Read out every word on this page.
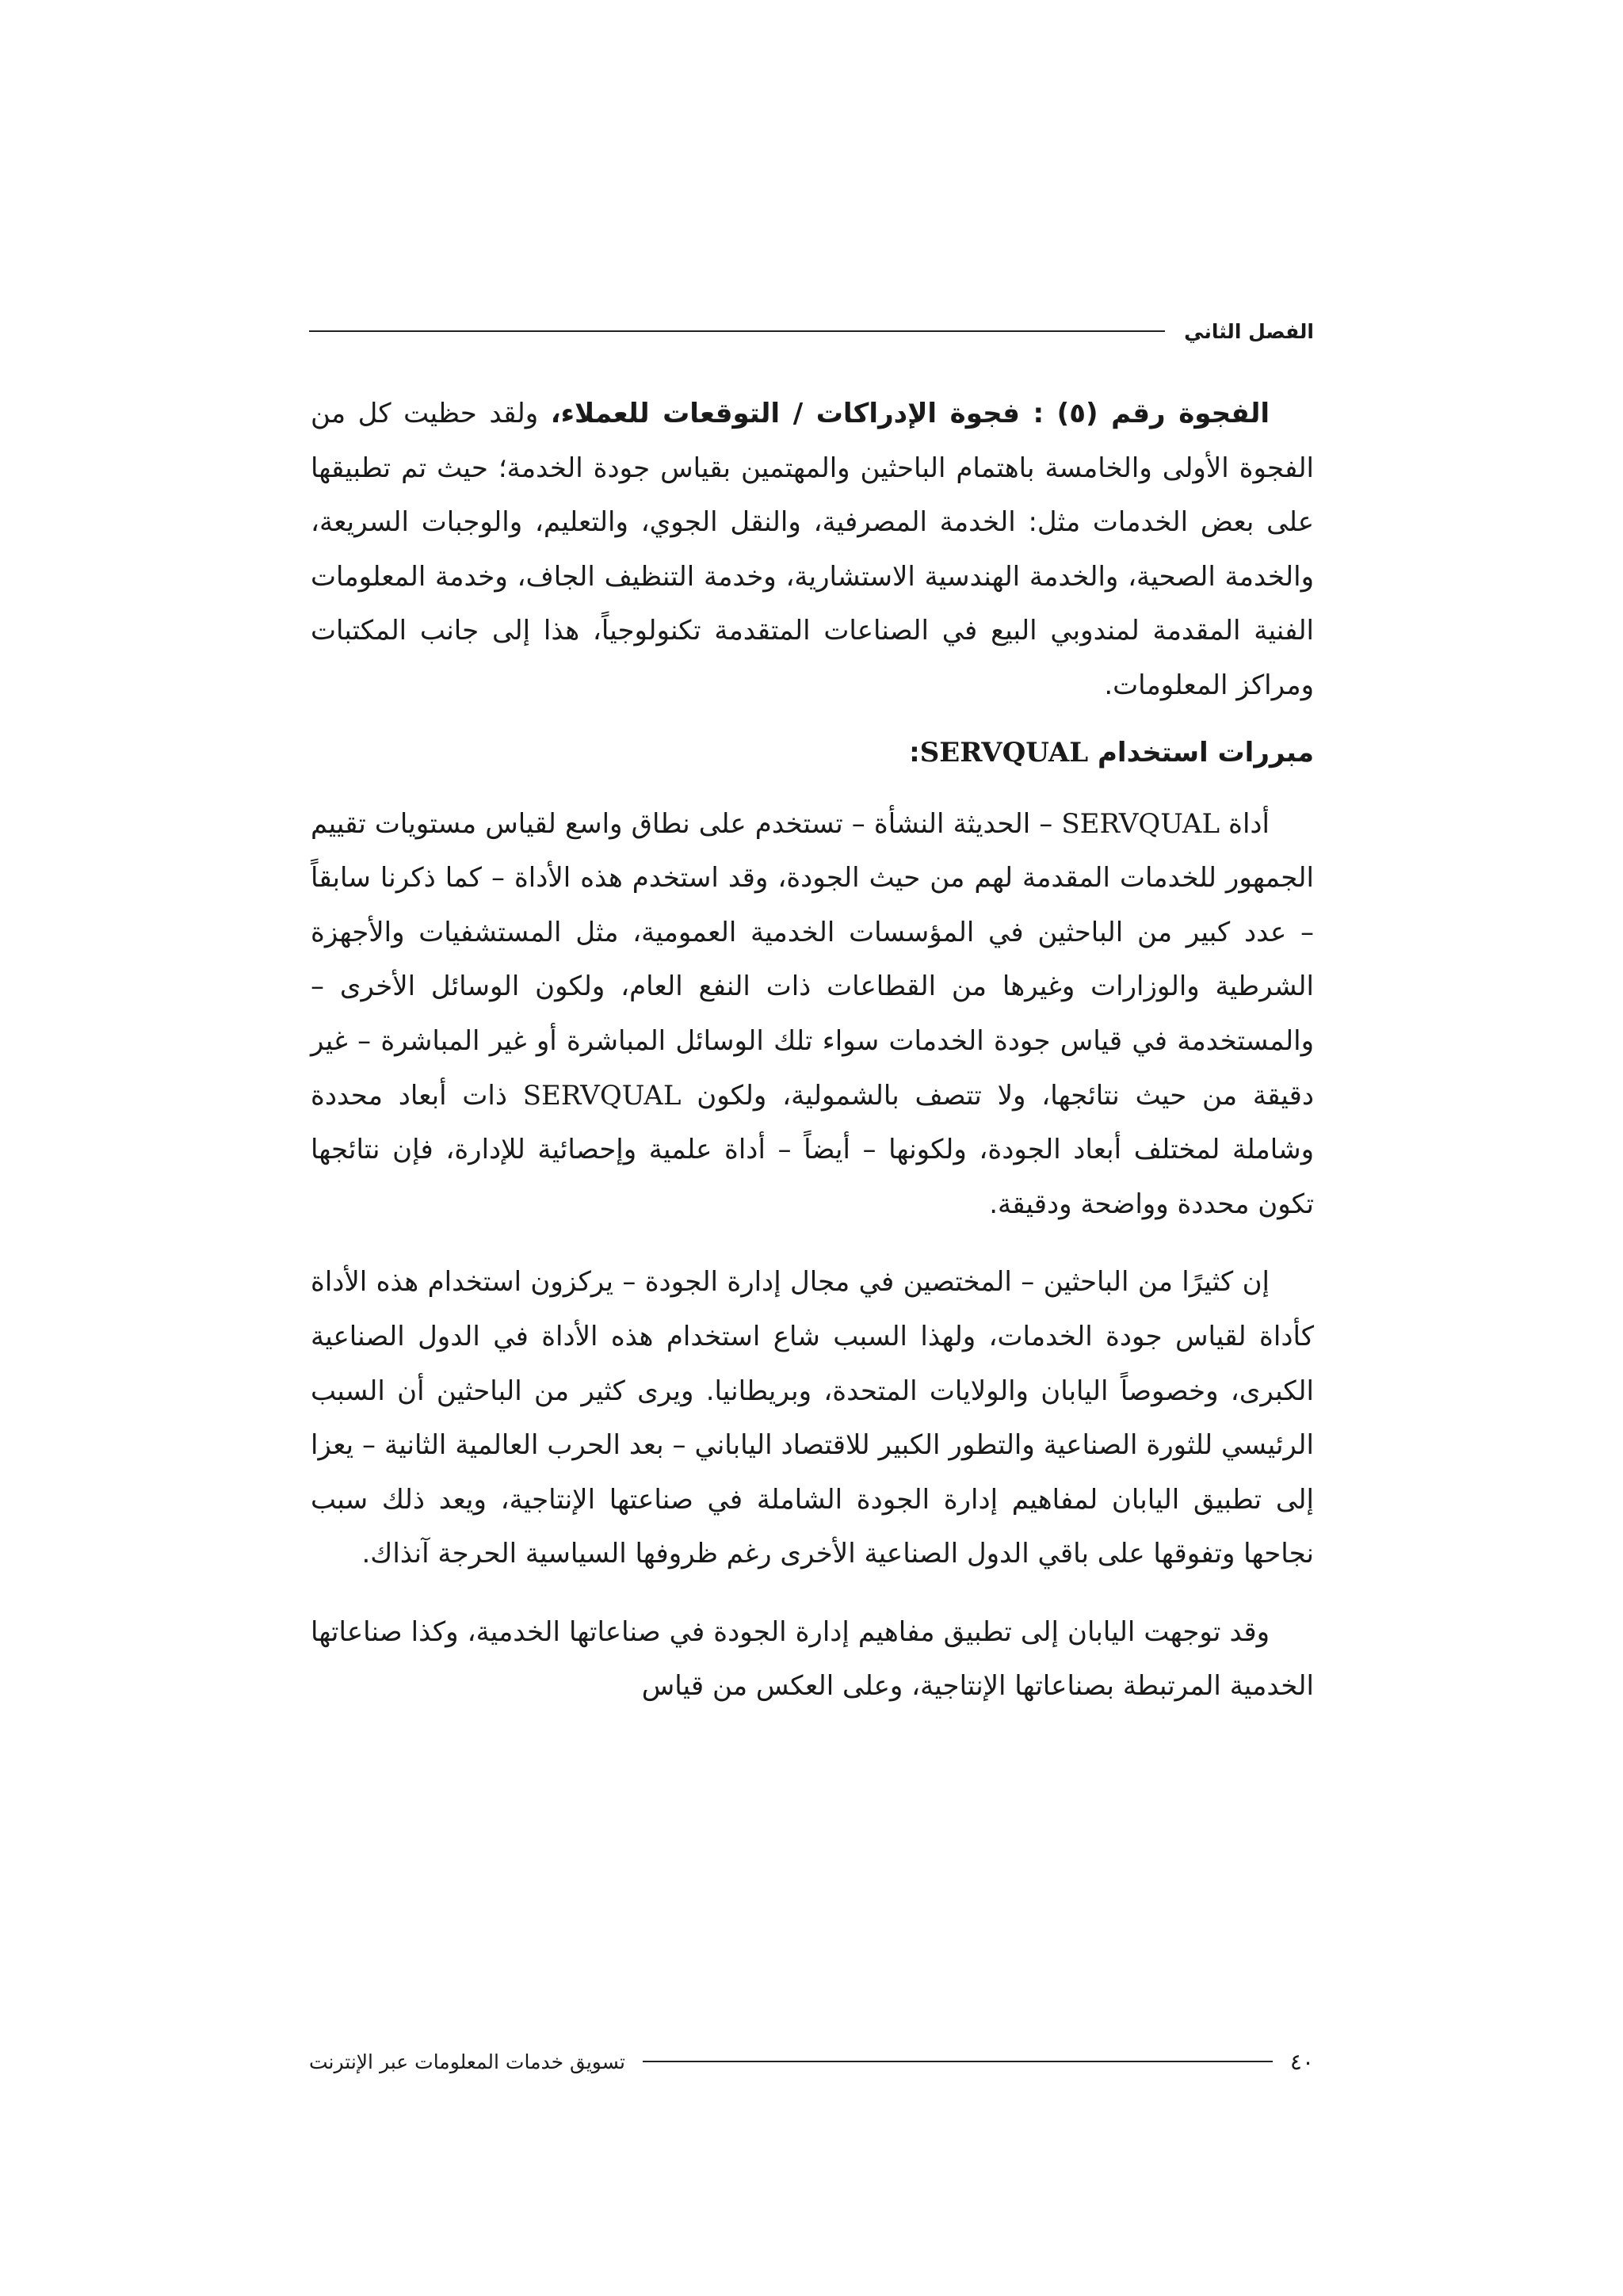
الفصل الثاني

الفجوة رقم (٥) : فجوة الإدراكات / التوقعات للعملاء، ولقد حظيت كل من الفجوة الأولى والخامسة باهتمام الباحثين والمهتمين بقياس جودة الخدمة؛ حيث تم تطبيقها على بعض الخدمات مثل: الخدمة المصرفية، والنقل الجوي، والتعليم، والوجبات السريعة، والخدمة الصحية، والخدمة الهندسية الاستشارية، وخدمة التنظيف الجاف، وخدمة المعلومات الفنية المقدمة لمندوبي البيع في الصناعات المتقدمة تكنولوجياً، هذا إلى جانب المكتبات ومراكز المعلومات.

مبررات استخدام SERVQUAL:

أداة SERVQUAL – الحديثة النشأة – تستخدم على نطاق واسع لقياس مستويات تقييم الجمهور للخدمات المقدمة لهم من حيث الجودة، وقد استخدم هذه الأداة – كما ذكرنا سابقاً – عدد كبير من الباحثين في المؤسسات الخدمية العمومية، مثل المستشفيات والأجهزة الشرطية والوزارات وغيرها من القطاعات ذات النفع العام، ولكون الوسائل الأخرى – والمستخدمة في قياس جودة الخدمات سواء تلك الوسائل المباشرة أو غير المباشرة – غير دقيقة من حيث نتائجها، ولا تتصف بالشمولية، ولكون SERVQUAL ذات أبعاد محددة وشاملة لمختلف أبعاد الجودة، ولكونها – أيضاً – أداة علمية وإحصائية للإدارة، فإن نتائجها تكون محددة وواضحة ودقيقة.

إن كثيرًا من الباحثين – المختصين في مجال إدارة الجودة – يركزون استخدام هذه الأداة كأداة لقياس جودة الخدمات، ولهذا السبب شاع استخدام هذه الأداة في الدول الصناعية الكبرى، وخصوصاً اليابان والولايات المتحدة، وبريطانيا. ويرى كثير من الباحثين أن السبب الرئيسي للثورة الصناعية والتطور الكبير للاقتصاد الياباني – بعد الحرب العالمية الثانية – يعزا إلى تطبيق اليابان لمفاهيم إدارة الجودة الشاملة في صناعتها الإنتاجية، ويعد ذلك سبب نجاحها وتفوقها على باقي الدول الصناعية الأخرى رغم ظروفها السياسية الحرجة آنذاك.

وقد توجهت اليابان إلى تطبيق مفاهيم إدارة الجودة في صناعاتها الخدمية، وكذا صناعاتها الخدمية المرتبطة بصناعاتها الإنتاجية، وعلى العكس من قياس

٤٠
تسويق خدمات المعلومات عبر الإنترنت
